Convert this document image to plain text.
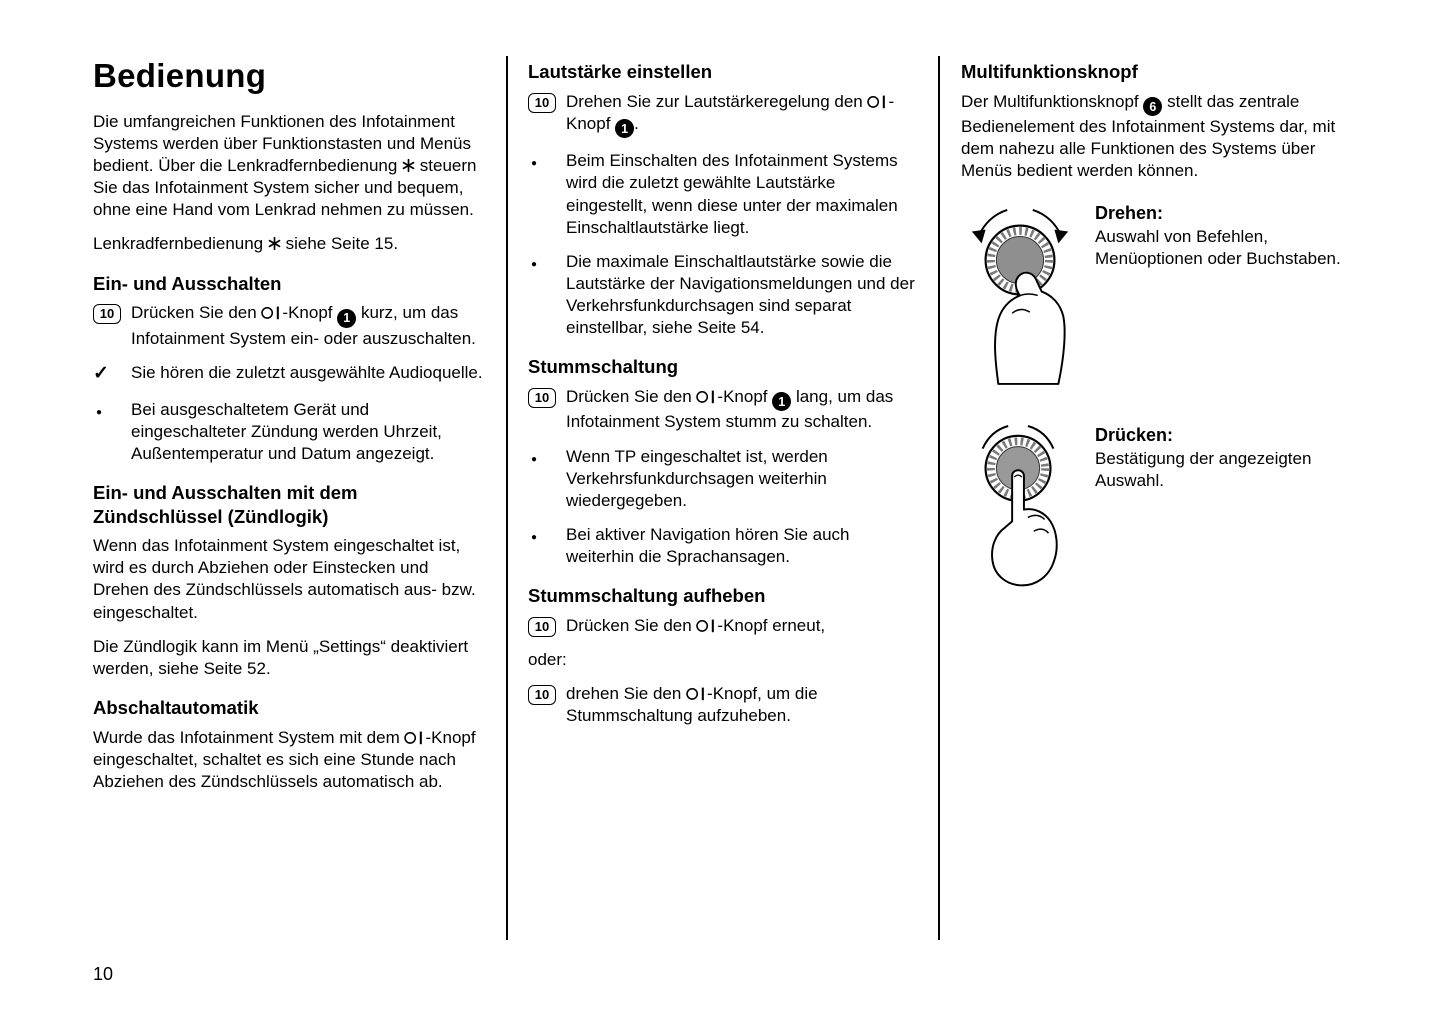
Bedienung

Die umfangreichen Funktionen des Infotainment Systems werden über Funktionstasten und Menüs bedient. Über die Lenkradfernbedienung  steuern Sie das Infotainment System sicher und bequem, ohne eine Hand vom Lenkrad nehmen zu müssen.

Lenkradfernbedienung  siehe Seite 15.

Ein- und Ausschalten
10 Drücken Sie den -Knopf 1 kurz, um das Infotainment System ein- oder auszuschalten.
✓	Sie hören die zuletzt ausgewählte Audioquelle.
●	Bei ausgeschaltetem Gerät und eingeschalteter Zündung werden Uhrzeit, Außentemperatur und Datum angezeigt.
Ein- und Ausschalten mit dem Zündschlüssel (Zündlogik)

Wenn das Infotainment System eingeschaltet ist, wird es durch Abziehen oder Einstecken und Drehen des Zündschlüssels automatisch aus- bzw. eingeschaltet.

Die Zündlogik kann im Menü „Settings“ deaktiviert werden, siehe Seite 52.

Abschaltautomatik

Wurde das Infotainment System mit dem -Knopf eingeschaltet, schaltet es sich eine Stunde nach Abziehen des Zündschlüssels automatisch ab.

Lautstärke einstellen
10 Drehen Sie zur Lautstärkeregelung den -Knopf 1 .
●	Beim Einschalten des Infotainment Systems wird die zuletzt gewählte Lautstärke eingestellt, wenn diese unter der maximalen Einschaltlautstärke liegt.
●	Die maximale Einschaltlautstärke sowie die Lautstärke der Navigationsmeldungen und der Verkehrsfunkdurchsagen sind separat einstellbar, siehe Seite 54.
Stummschaltung
10 Drücken Sie den -Knopf 1 lang, um das Infotainment System stumm zu schalten.
●	Wenn TP eingeschaltet ist, werden Verkehrsfunkdurchsagen weiterhin wiedergegeben.
●	Bei aktiver Navigation hören Sie auch weiterhin die Sprachansagen.
Stummschaltung aufheben
10 Drücken Sie den -Knopf erneut,

oder:

10 drehen Sie den -Knopf, um die Stummschaltung aufzuheben.
Multifunktionsknopf

Der Multifunktionsknopf 6 stellt das zentrale Bedienelement des Infotainment Systems dar, mit dem nahezu alle Funktionen des Systems über Menüs bedient werden können.

Drehen:
Auswahl von Befehlen, Menüoptionen oder Buchstaben.
Drücken:
Bestätigung der angezeigten Auswahl.
10
